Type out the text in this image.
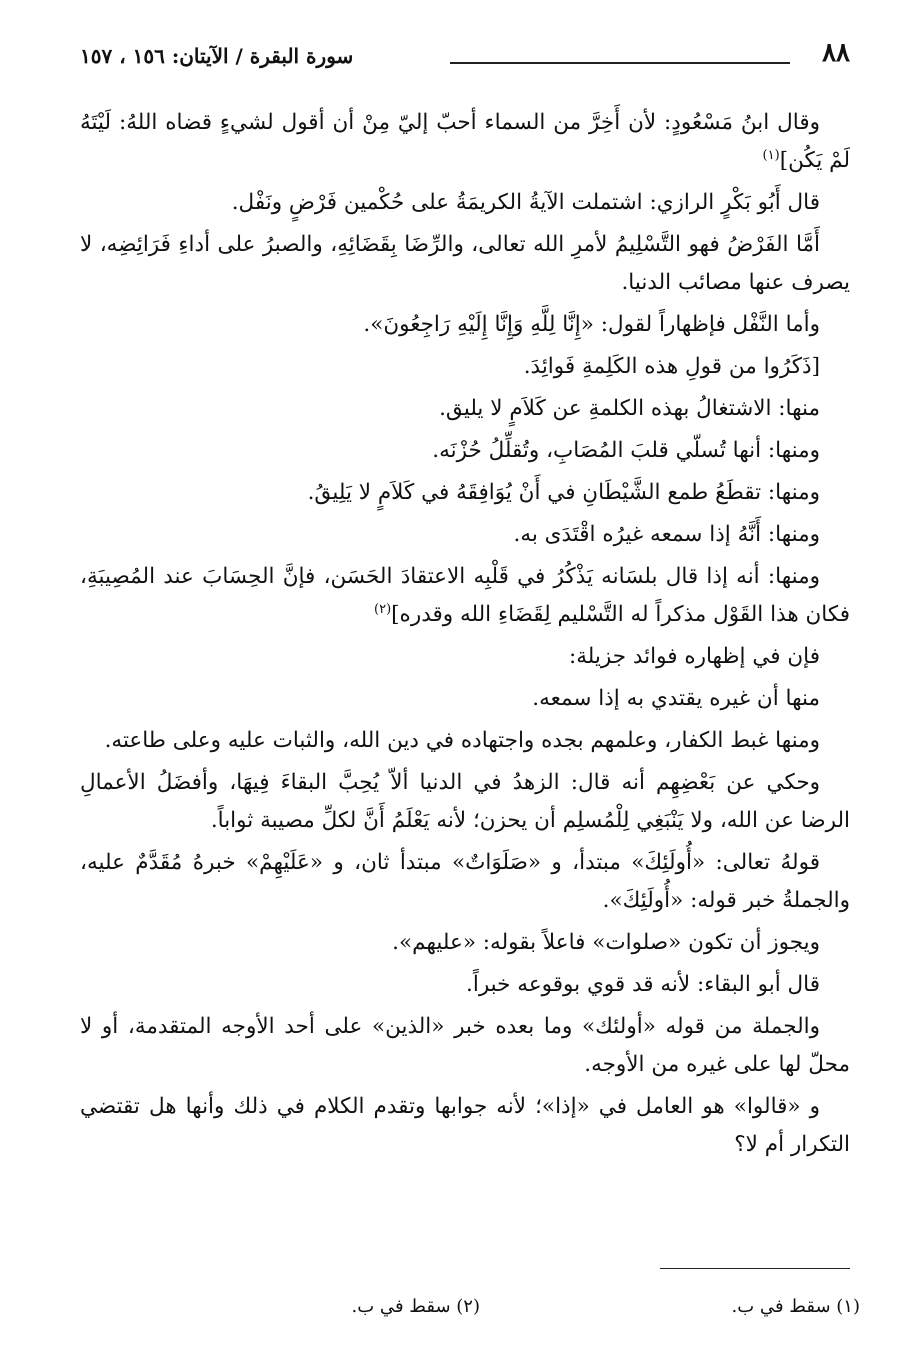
٨٨
سورة البقرة / الآيتان: ١٥٦ ، ١٥٧

وقال ابنُ مَسْعُودٍ: لأن أَخِرَّ من السماء أحبّ إليّ مِنْ أن أقول لشيءٍ قضاه اللهُ: لَيْتَهُ لَمْ يَكُن]$^{(١)}$

قال أَبُو بَكْرٍ الرازي: اشتملت الآيةُ الكريمَةُ على حُكْمين فَرْضٍ ونَفْل.

أَمَّا الفَرْضُ فهو التَّسْلِيمُ لأمرِ الله تعالى، والرِّضَا بِقَضَائِهِ، والصبرُ على أداءِ فَرَائِضِه، لا يصرف عنها مصائب الدنيا.

وأما النَّفْل فإظهاراً لقول: «إِنَّا لِلَّهِ وَإِنَّا إِلَيْهِ رَاجِعُونَ».

[ذَكَرُوا من قولِ هذه الكَلِمةِ فَوائِدَ.

منها: الاشتغالُ بهذه الكلمةِ عن كَلاَمٍ لا يليق.

ومنها: أنها تُسلّي قلبَ المُصَابِ، وتُقلِّلُ حُزْنَه.

ومنها: تقطَعُ طمع الشَّيْطَانِ في أَنْ يُوَافِقَهُ في كَلاَمٍ لا يَلِيقُ.

ومنها: أَنَّهُ إذا سمعه غيرُه اقْتَدَى به.

ومنها: أنه إذا قال بلسَانه يَذْكُرُ في قَلْبِه الاعتقادَ الحَسَن، فإنَّ الحِسَابَ عند المُصِيبَةِ، فكان هذا القَوْل مذكراً له التَّسْليم لِقَضَاءِ الله وقدره]$^{(٢)}$

فإن في إظهاره فوائد جزيلة:

منها أن غيره يقتدي به إذا سمعه.

ومنها غبط الكفار، وعلمهم بجده واجتهاده في دين الله، والثبات عليه وعلى طاعته.

وحكي عن بَعْضِهِم أنه قال: الزهدُ في الدنيا ألاّ يُحِبَّ البقاءَ فِيهَا، وأفضَلُ الأعمالِ الرضا عن الله، ولا يَنْبَغِي لِلْمُسلِم أن يحزن؛ لأنه يَعْلَمُ أَنَّ لكلِّ مصيبة ثواباً.

قولهُ تعالى: «أُولَئِكَ» مبتدأ، و «صَلَوَاتٌ» مبتدأ ثان، و «عَلَيْهِمْ» خبرهُ مُقَدَّمٌ عليه، والجملةُ خبر قوله: «أُولَئِكَ».

ويجوز أن تكون «صلوات» فاعلاً بقوله: «عليهم».

قال أبو البقاء: لأنه قد قوي بوقوعه خبراً.

والجملة من قوله «أولئك» وما بعده خبر «الذين» على أحد الأوجه المتقدمة، أو لا محلّ لها على غيره من الأوجه.

و «قالوا» هو العامل في «إذا»؛ لأنه جوابها وتقدم الكلام في ذلك وأنها هل تقتضي التكرار أم لا؟

(١) سقط في ب.
(٢) سقط في ب.
